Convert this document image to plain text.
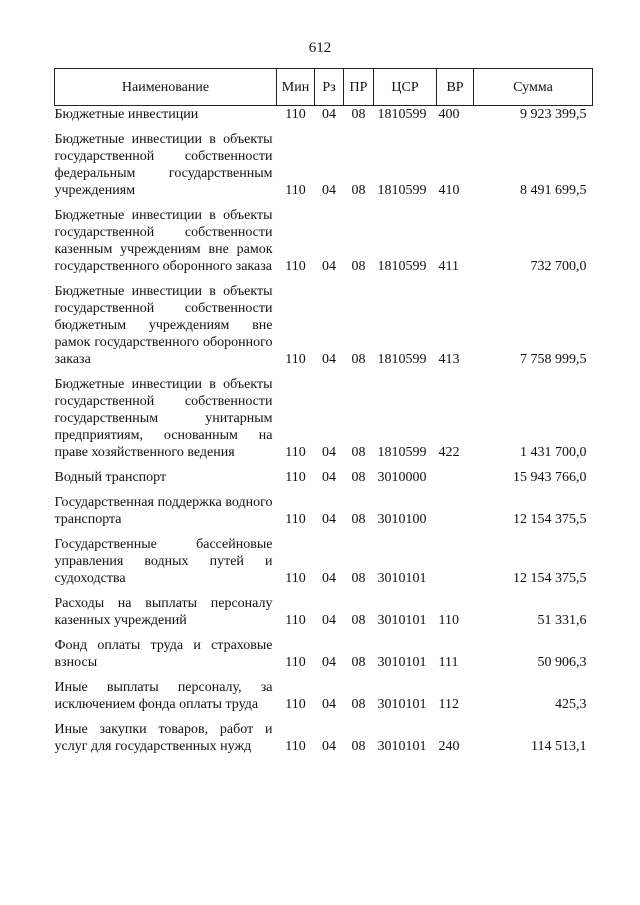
612
Наименование	Мин	Рз	ПР	ЦСР	ВР	Сумма
Бюджетные инвестиции	110	04	08	1810599	400	9 923 399,5
Бюджетные инвестиции в объекты государственной собственности федеральным государственным учреждениям	110	04	08	1810599	410	8 491 699,5
Бюджетные инвестиции в объекты государственной собственности казенным учреждениям вне рамок государственного оборонного заказа	110	04	08	1810599	411	732 700,0
Бюджетные инвестиции в объекты государственной собственности бюджетным учреждениям вне рамок государственного оборонного заказа	110	04	08	1810599	413	7 758 999,5
Бюджетные инвестиции в объекты государственной собственности государственным унитарным предприятиям, основанным на праве хозяйственного ведения	110	04	08	1810599	422	1 431 700,0
Водный транспорт	110	04	08	3010000		15 943 766,0
Государственная поддержка водного транспорта	110	04	08	3010100		12 154 375,5
Государственные бассейновые управления водных путей и судоходства	110	04	08	3010101		12 154 375,5
Расходы на выплаты персоналу казенных учреждений	110	04	08	3010101	110	51 331,6
Фонд оплаты труда и страховые взносы	110	04	08	3010101	111	50 906,3
Иные выплаты персоналу, за исключением фонда оплаты труда	110	04	08	3010101	112	425,3
Иные закупки товаров, работ и услуг для государственных нужд	110	04	08	3010101	240	114 513,1
